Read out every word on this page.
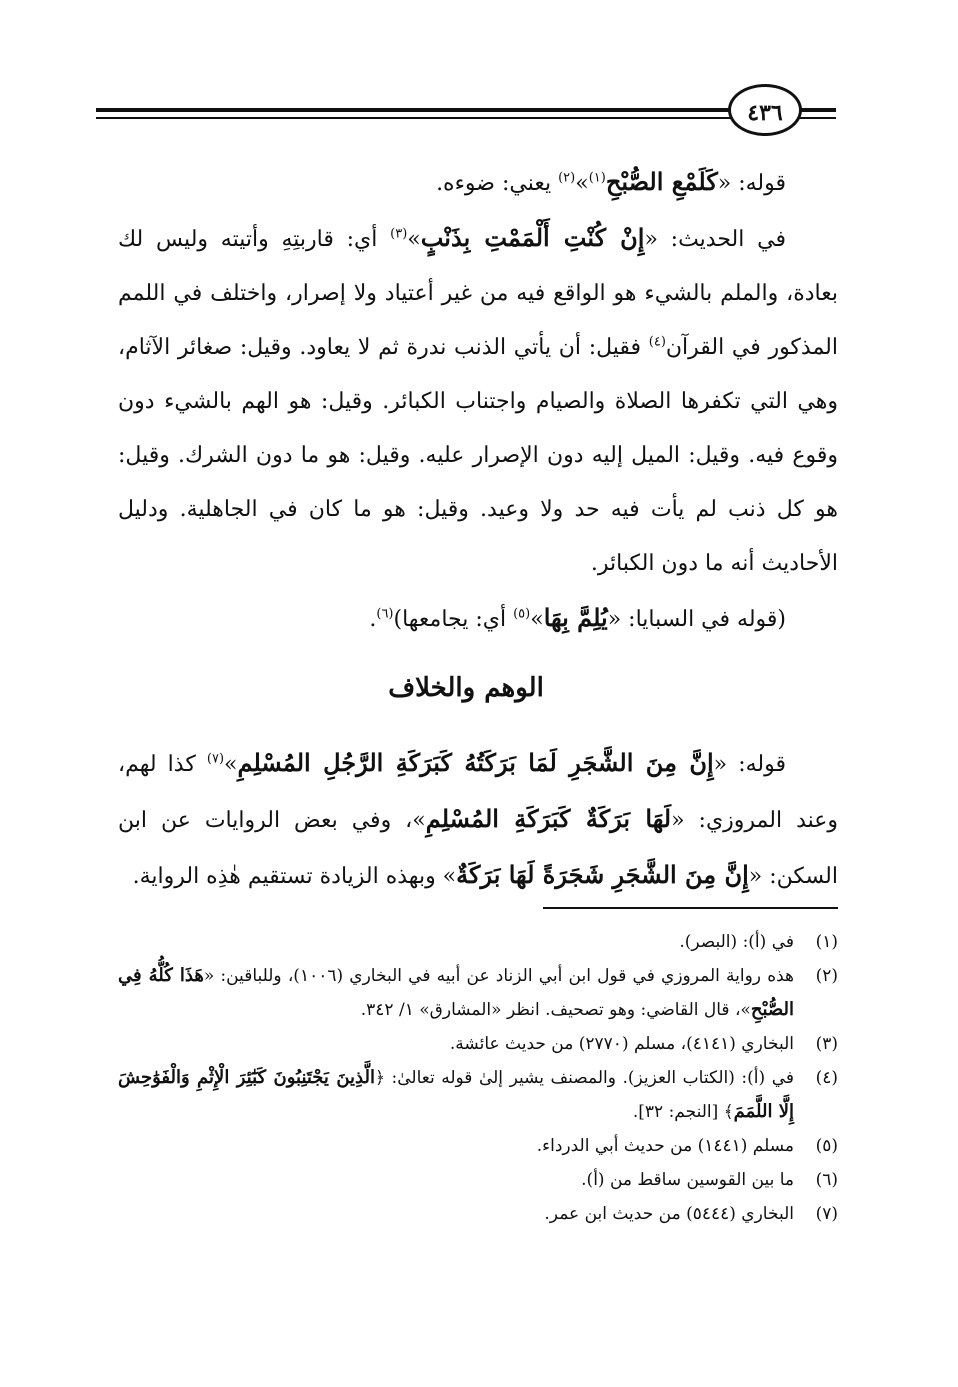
٤٣٦

قوله: «كَلَمْعِ الصُّبْحِ$^{(١)}$»$^{(٢)}$ يعني: ضوءه.

في الحديث: «إِنْ كُنْتِ أَلْمَمْتِ بِذَنْبٍ»$^{(٣)}$ أي: قاربتِهِ وأتيته وليس لك بعادة، والملم بالشيء هو الواقع فيه من غير أعتياد ولا إصرار، واختلف في اللمم المذكور في القرآن$^{(٤)}$ فقيل: أن يأتي الذنب ندرة ثم لا يعاود. وقيل: صغائر الآثام، وهي التي تكفرها الصلاة والصيام واجتناب الكبائر. وقيل: هو الهم بالشيء دون وقوع فيه. وقيل: الميل إليه دون الإصرار عليه. وقيل: هو ما دون الشرك. وقيل: هو كل ذنب لم يأت فيه حد ولا وعيد. وقيل: هو ما كان في الجاهلية. ودليل الأحاديث أنه ما دون الكبائر.

(قوله في السبايا: «يُلِمَّ بِهَا»$^{(٥)}$ أي: يجامعها)$^{(٦)}$.

الوهم والخلاف

قوله: «إِنَّ مِنَ الشَّجَرِ لَمَا بَرَكَتُهُ كَبَرَكَةِ الرَّجُلِ المُسْلِمِ»$^{(٧)}$ كذا لهم، وعند المروزي: «لَهَا بَرَكَةٌ كَبَرَكَةِ المُسْلِمِ»، وفي بعض الروايات عن ابن السكن: «إِنَّ مِنَ الشَّجَرِ شَجَرَةً لَهَا بَرَكَةٌ» وبهذه الزيادة تستقيم هٰذِه الرواية.

(١)
في (أ): (البصر).
(٢)
هذه رواية المروزي في قول ابن أبي الزناد عن أبيه في البخاري (١٠٠٦)، وللباقين: «هَذَا كُلُّهُ فِي الصُّبْحِ»، قال القاضي: وهو تصحيف. انظر «المشارق» ١/ ٣٤٢.
(٣)
البخاري (٤١٤١)، مسلم (٢٧٧٠) من حديث عائشة.
(٤)
في (أ): (الكتاب العزيز). والمصنف يشير إلىٰ قوله تعالىٰ: ﴿الَّذِينَ يَجْتَنِبُونَ كَبَٰٓئِرَ الْإِثْمِ وَالْفَوَٰحِشَ إِلَّا اللَّمَمَ﴾ [النجم: ٣٢].
(٥)
مسلم (١٤٤١) من حديث أبي الدرداء.
(٦)
ما بين القوسين ساقط من (أ).
(٧)
البخاري (٥٤٤٤) من حديث ابن عمر.
